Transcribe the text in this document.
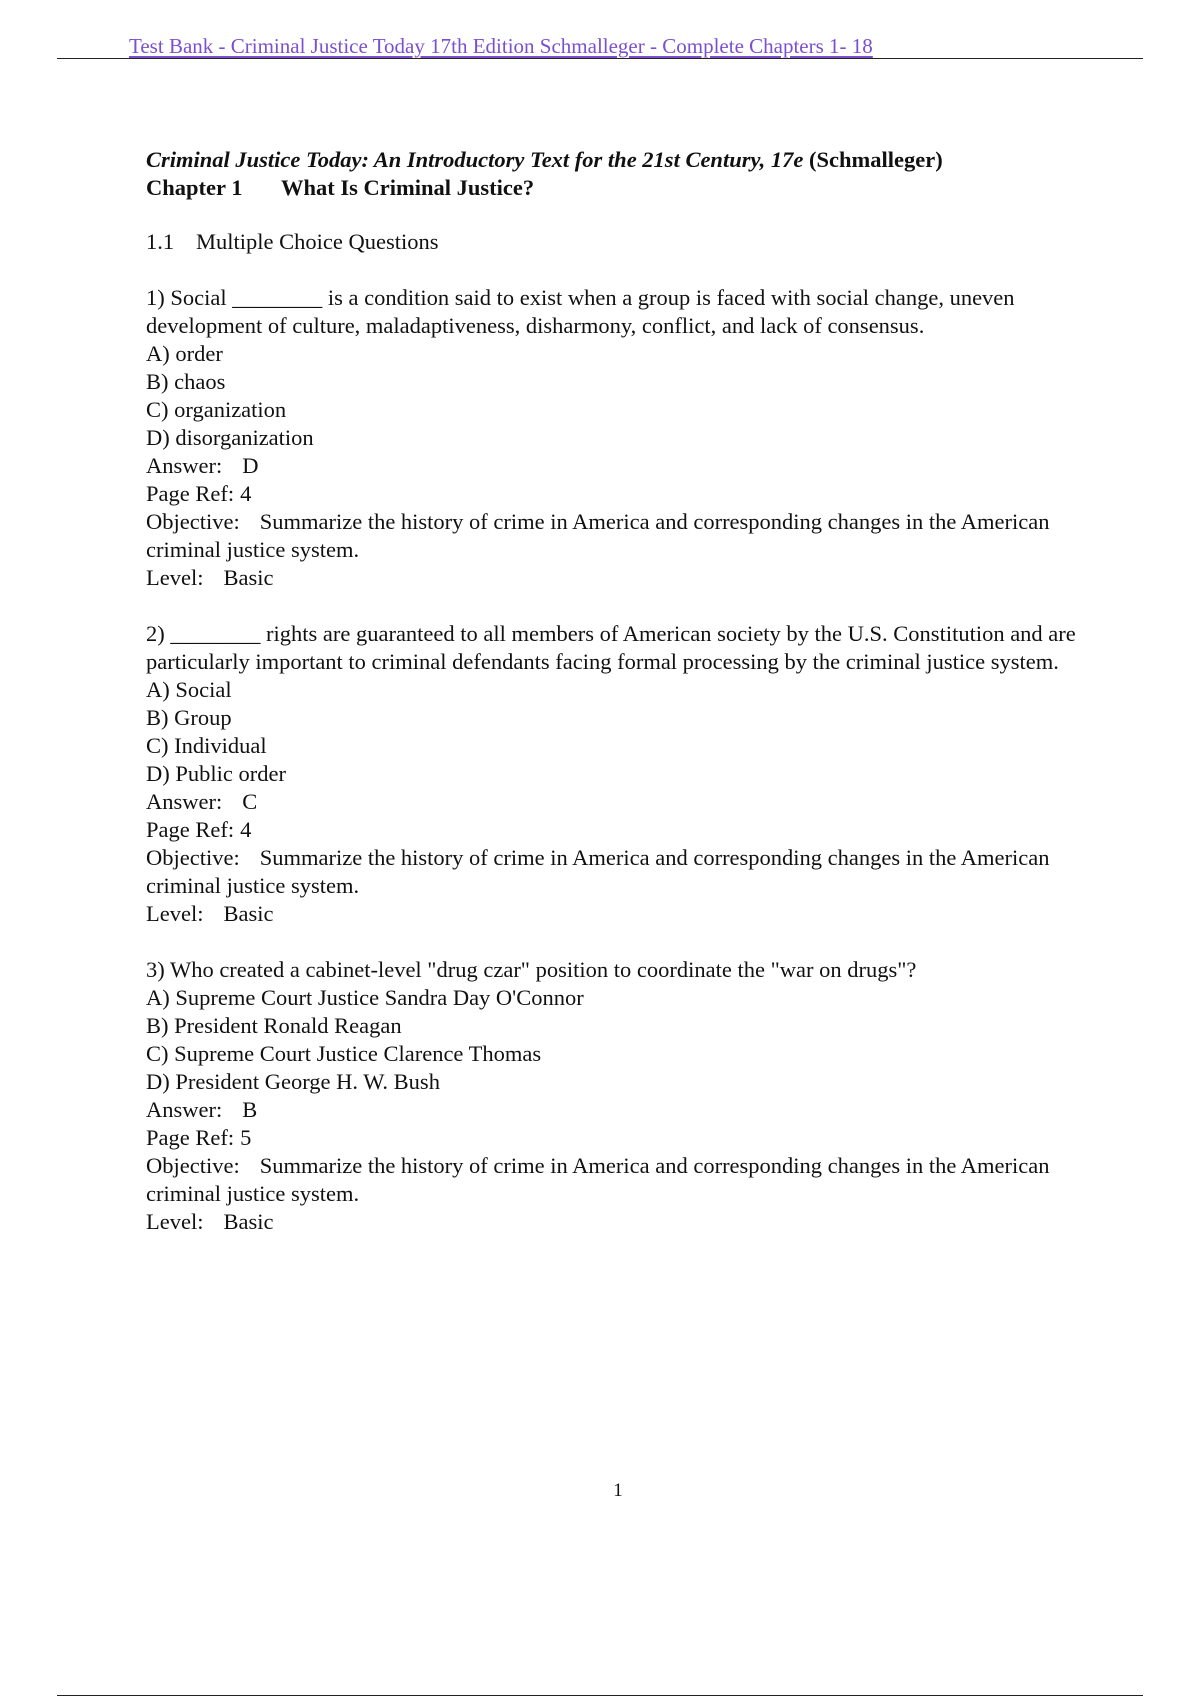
Test Bank - Criminal Justice Today 17th Edition Schmalleger - Complete Chapters 1- 18
Criminal Justice Today: An Introductory Text for the 21st Century, 17e (Schmalleger)
Chapter 1 What Is Criminal Justice?
1.1 Multiple Choice Questions

1) Social ________ is a condition said to exist when a group is faced with social change, uneven development of culture, maladaptiveness, disharmony, conflict, and lack of consensus.

A) order

B) chaos

C) organization

D) disorganization

Answer: D

Page Ref: 4

Objective: Summarize the history of crime in America and corresponding changes in the American criminal justice system.

Level: Basic

2) ________ rights are guaranteed to all members of American society by the U.S. Constitution and are particularly important to criminal defendants facing formal processing by the criminal justice system.

A) Social

B) Group

C) Individual

D) Public order

Answer: C

Page Ref: 4

Objective: Summarize the history of crime in America and corresponding changes in the American criminal justice system.

Level: Basic

3) Who created a cabinet-level "drug czar" position to coordinate the "war on drugs"?

A) Supreme Court Justice Sandra Day O'Connor

B) President Ronald Reagan

C) Supreme Court Justice Clarence Thomas

D) President George H. W. Bush

Answer: B

Page Ref: 5

Objective: Summarize the history of crime in America and corresponding changes in the American criminal justice system.

Level: Basic

1
